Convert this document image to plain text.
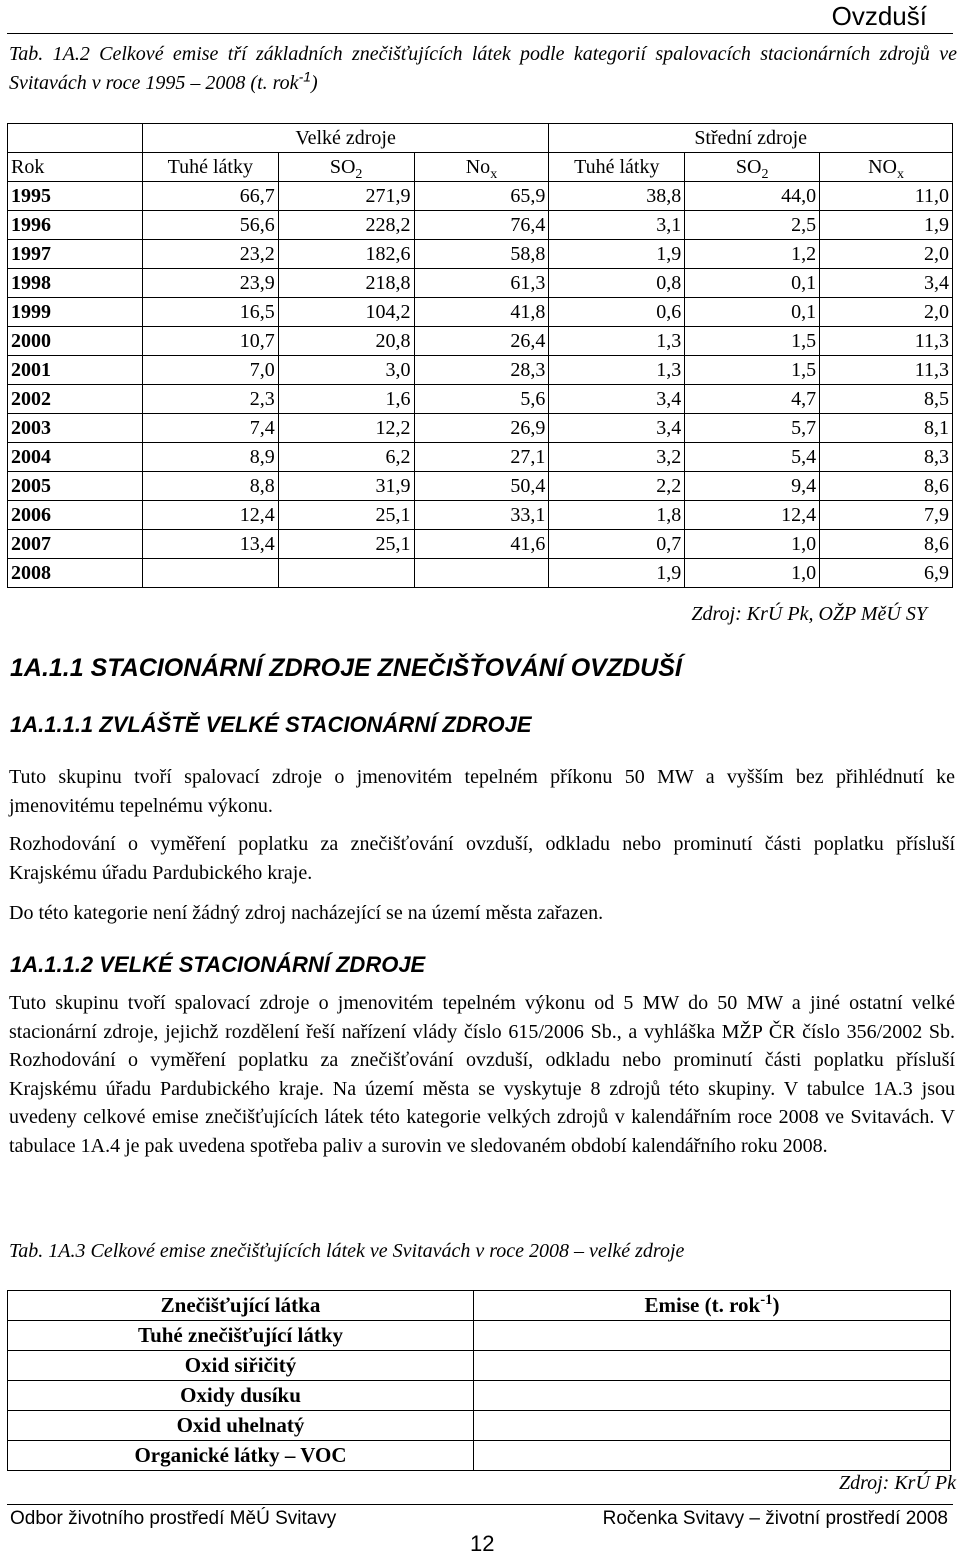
Ovzduší
Tab. 1A.2 Celkové emise tří základních znečišťujících látek podle kategorií spalovacích stacionárních zdrojů ve Svitavách v roce 1995 – 2008 (t. rok$^{-1}$)
	Velké zdroje			Střední zdroje		
Rok	Tuhé látky	$SO_2$	$No_x$	Tuhé látky	$SO_2$	$NO_x$
1995	66,7	271,9	65,9	38,8	44,0	11,0
1996	56,6	228,2	76,4	3,1	2,5	1,9
1997	23,2	182,6	58,8	1,9	1,2	2,0
1998	23,9	218,8	61,3	0,8	0,1	3,4
1999	16,5	104,2	41,8	0,6	0,1	2,0
2000	10,7	20,8	26,4	1,3	1,5	11,3
2001	7,0	3,0	28,3	1,3	1,5	11,3
2002	2,3	1,6	5,6	3,4	4,7	8,5
2003	7,4	12,2	26,9	3,4	5,7	8,1
2004	8,9	6,2	27,1	3,2	5,4	8,3
2005	8,8	31,9	50,4	2,2	9,4	8,6
2006	12,4	25,1	33,1	1,8	12,4	7,9
2007	13,4	25,1	41,6	0,7	1,0	8,6
2008				1,9	1,0	6,9
Zdroj: KrÚ Pk, OŽP MěÚ SY
1A.1.1 STACIONÁRNÍ ZDROJE ZNEČIŠŤOVÁNÍ OVZDUŠÍ
1A.1.1.1 ZVLÁŠTĚ VELKÉ STACIONÁRNÍ ZDROJE
Tuto skupinu tvoří spalovací zdroje o jmenovitém tepelném příkonu 50 MW a vyšším bez přihlédnutí ke jmenovitému tepelnému výkonu.
Rozhodování o vyměření poplatku za znečišťování ovzduší, odkladu nebo prominutí části poplatku přísluší Krajskému úřadu Pardubického kraje.
Do této kategorie není žádný zdroj nacházející se na území města zařazen.
1A.1.1.2 VELKÉ STACIONÁRNÍ ZDROJE
Tuto skupinu tvoří spalovací zdroje o jmenovitém tepelném výkonu od 5 MW do 50 MW a jiné ostatní velké stacionární zdroje, jejichž rozdělení řeší nařízení vlády číslo 615/2006 Sb., a vyhláška MŽP ČR číslo 356/2002 Sb. Rozhodování o vyměření poplatku za znečišťování ovzduší, odkladu nebo prominutí části poplatku přísluší Krajskému úřadu Pardubického kraje. Na území města se vyskytuje 8 zdrojů této skupiny. V tabulce 1A.3 jsou uvedeny celkové emise znečišťujících látek této kategorie velkých zdrojů v kalendářním roce 2008 ve Svitavách. V tabulace 1A.4 je pak uvedena spotřeba paliv a surovin ve sledovaném období kalendářního roku 2008.
Tab. 1A.3 Celkové emise znečišťujících látek ve Svitavách v roce 2008 – velké zdroje
Znečišťující látka	Emise (t. rok$^{-1}$)
Tuhé znečišťující látky	
Oxid siřičitý	
Oxidy dusíku	
Oxid uhelnatý	
Organické látky – VOC	
Zdroj: KrÚ Pk
Odbor životního prostředí MěÚ Svitavy	Ročenka Svitavy – životní prostředí 2008
12
